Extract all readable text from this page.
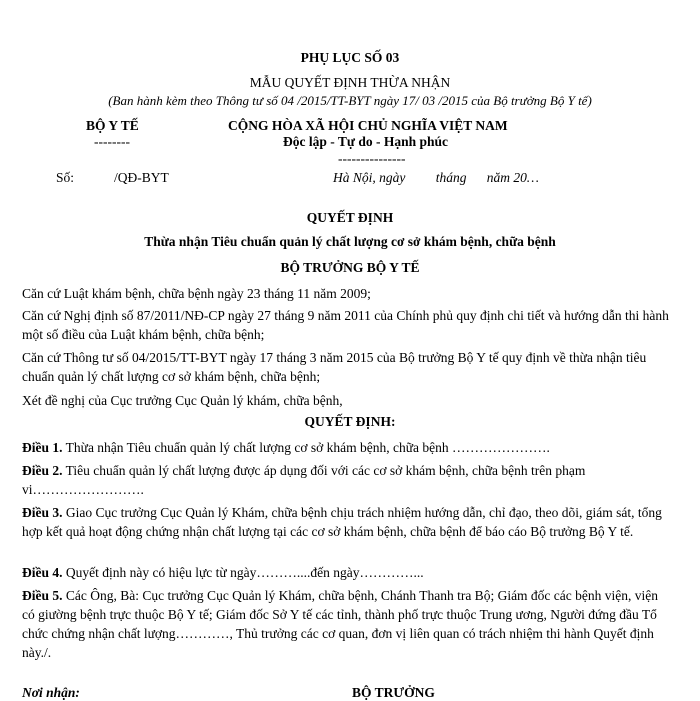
PHỤ LỤC SỐ 03
MẪU QUYẾT ĐỊNH THỪA NHẬN
(Ban hành kèm theo Thông tư số 04 /2015/TT-BYT ngày 17/ 03 /2015 của Bộ trưởng Bộ Y tế)
BỘ Y TẾ
--------
Số:	/QĐ-BYT
CỘNG HÒA XÃ HỘI CHỦ NGHĨA VIỆT NAM
Độc lập - Tự do - Hạnh phúc
---------------
Hà Nội, ngày         tháng      năm 20…
QUYẾT ĐỊNH
Thừa nhận Tiêu chuẩn quản lý chất lượng cơ sở khám bệnh, chữa bệnh
BỘ TRƯỞNG BỘ Y TẾ
Căn cứ Luật khám bệnh, chữa bệnh ngày 23 tháng 11 năm 2009;
Căn cứ Nghị định số 87/2011/NĐ-CP ngày 27 tháng 9 năm 2011 của Chính phủ quy định chi tiết và hướng dẫn thi hành một số điều của Luật khám bệnh, chữa bệnh;
Căn cứ Thông tư số 04/2015/TT-BYT ngày 17 tháng 3 năm 2015 của Bộ trưởng Bộ Y tế quy định về thừa nhận tiêu chuẩn quản lý chất lượng cơ sở khám bệnh, chữa bệnh;
Xét đề nghị của Cục trưởng Cục Quản lý khám, chữa bệnh,
QUYẾT ĐỊNH:
Điều 1. Thừa nhận Tiêu chuẩn quản lý chất lượng cơ sở khám bệnh, chữa bệnh ………………….
Điều 2. Tiêu chuẩn quản lý chất lượng được áp dụng đối với các cơ sở khám bệnh, chữa bệnh trên phạm vi…………………….
Điều 3. Giao Cục trưởng Cục Quản lý Khám, chữa bệnh chịu trách nhiệm hướng dẫn, chỉ đạo, theo dõi, giám sát, tổng hợp kết quả hoạt động chứng nhận chất lượng tại các cơ sở khám bệnh, chữa bệnh để báo cáo Bộ trưởng Bộ Y tế.
Điều 4. Quyết định này có hiệu lực từ ngày………....đến ngày…………...
Điều 5. Các Ông, Bà: Cục trưởng Cục Quản lý Khám, chữa bệnh, Chánh Thanh tra Bộ; Giám đốc các bệnh viện, viện có giường bệnh trực thuộc Bộ Y tế; Giám đốc Sở Y tế các tỉnh, thành phố trực thuộc Trung ương, Người đứng đầu Tổ chức chứng nhận chất lượng…………, Thủ trưởng các cơ quan, đơn vị liên quan có trách nhiệm thi hành Quyết định này./.
Nơi nhận:	BỘ TRƯỞNG
